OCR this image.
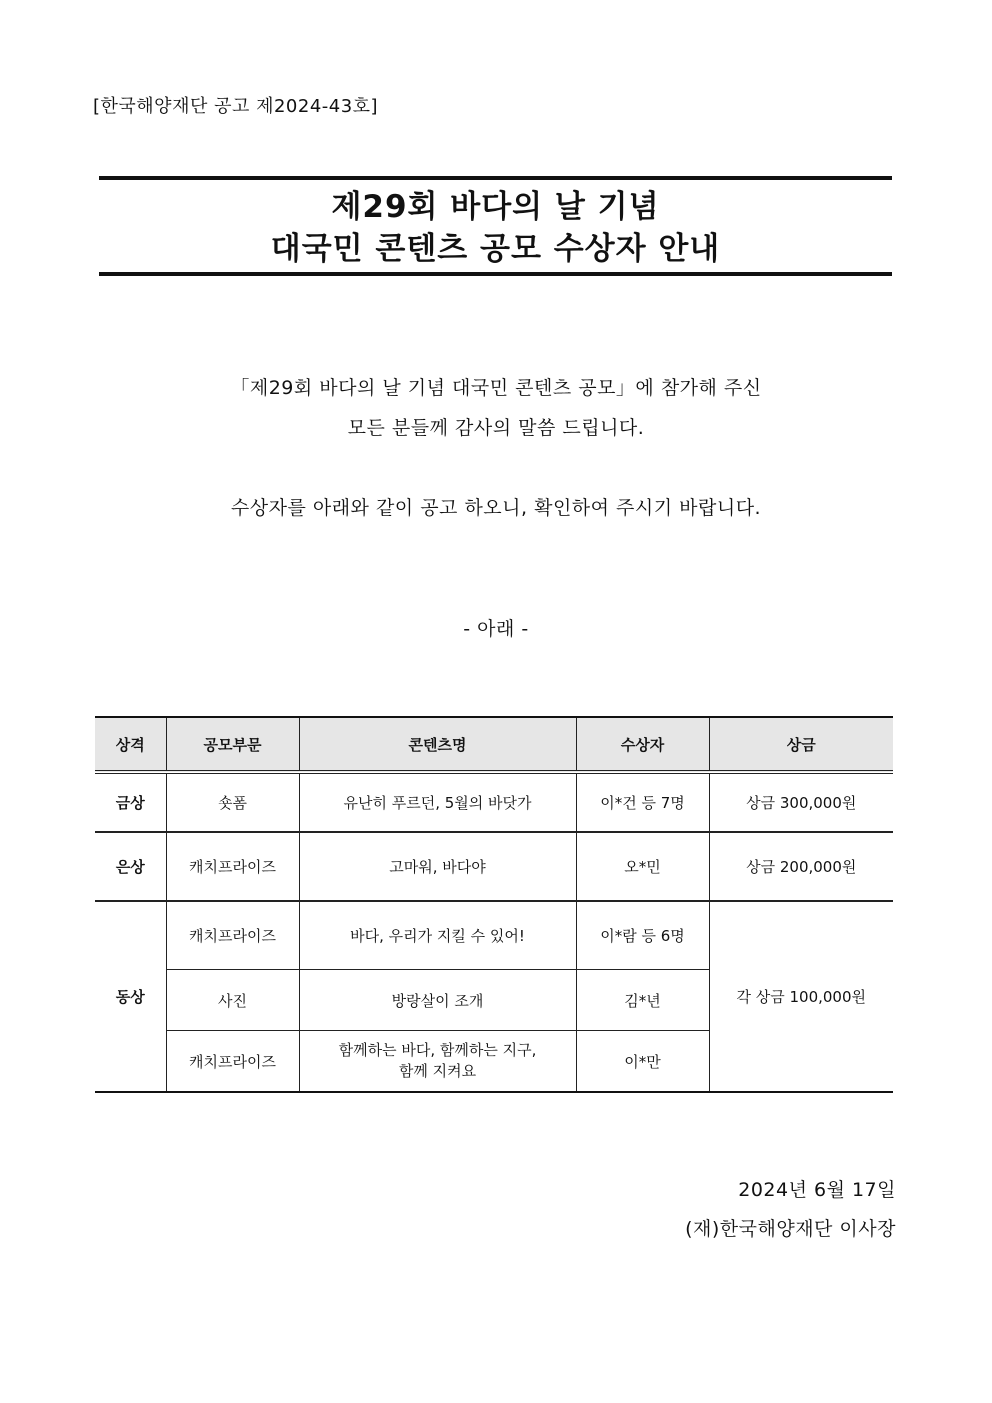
[한국해양재단 공고 제2024-43호]
제29회 바다의 날 기념
대국민 콘텐츠 공모 수상자 안내
「제29회 바다의 날 기념 대국민 콘텐츠 공모」에 참가해 주신
모든 분들께 감사의 말씀 드립니다.
수상자를 아래와 같이 공고 하오니, 확인하여 주시기 바랍니다.
- 아래 -
상격	공모부문	콘텐츠명	수상자	상금
금상	숏폼	유난히 푸르던, 5월의 바닷가	이*건 등 7명	상금 300,000원
은상	캐치프라이즈	고마워, 바다야	오*민	상금 200,000원
동상	캐치프라이즈	바다, 우리가 지킬 수 있어!	이*람 등 6명	각 상금 100,000원
	사진	방랑살이 조개	김*년	
	캐치프라이즈	함께하는 바다, 함께하는 지구,
함께 지켜요	이*만	
2024년 6월 17일
(재)한국해양재단 이사장
